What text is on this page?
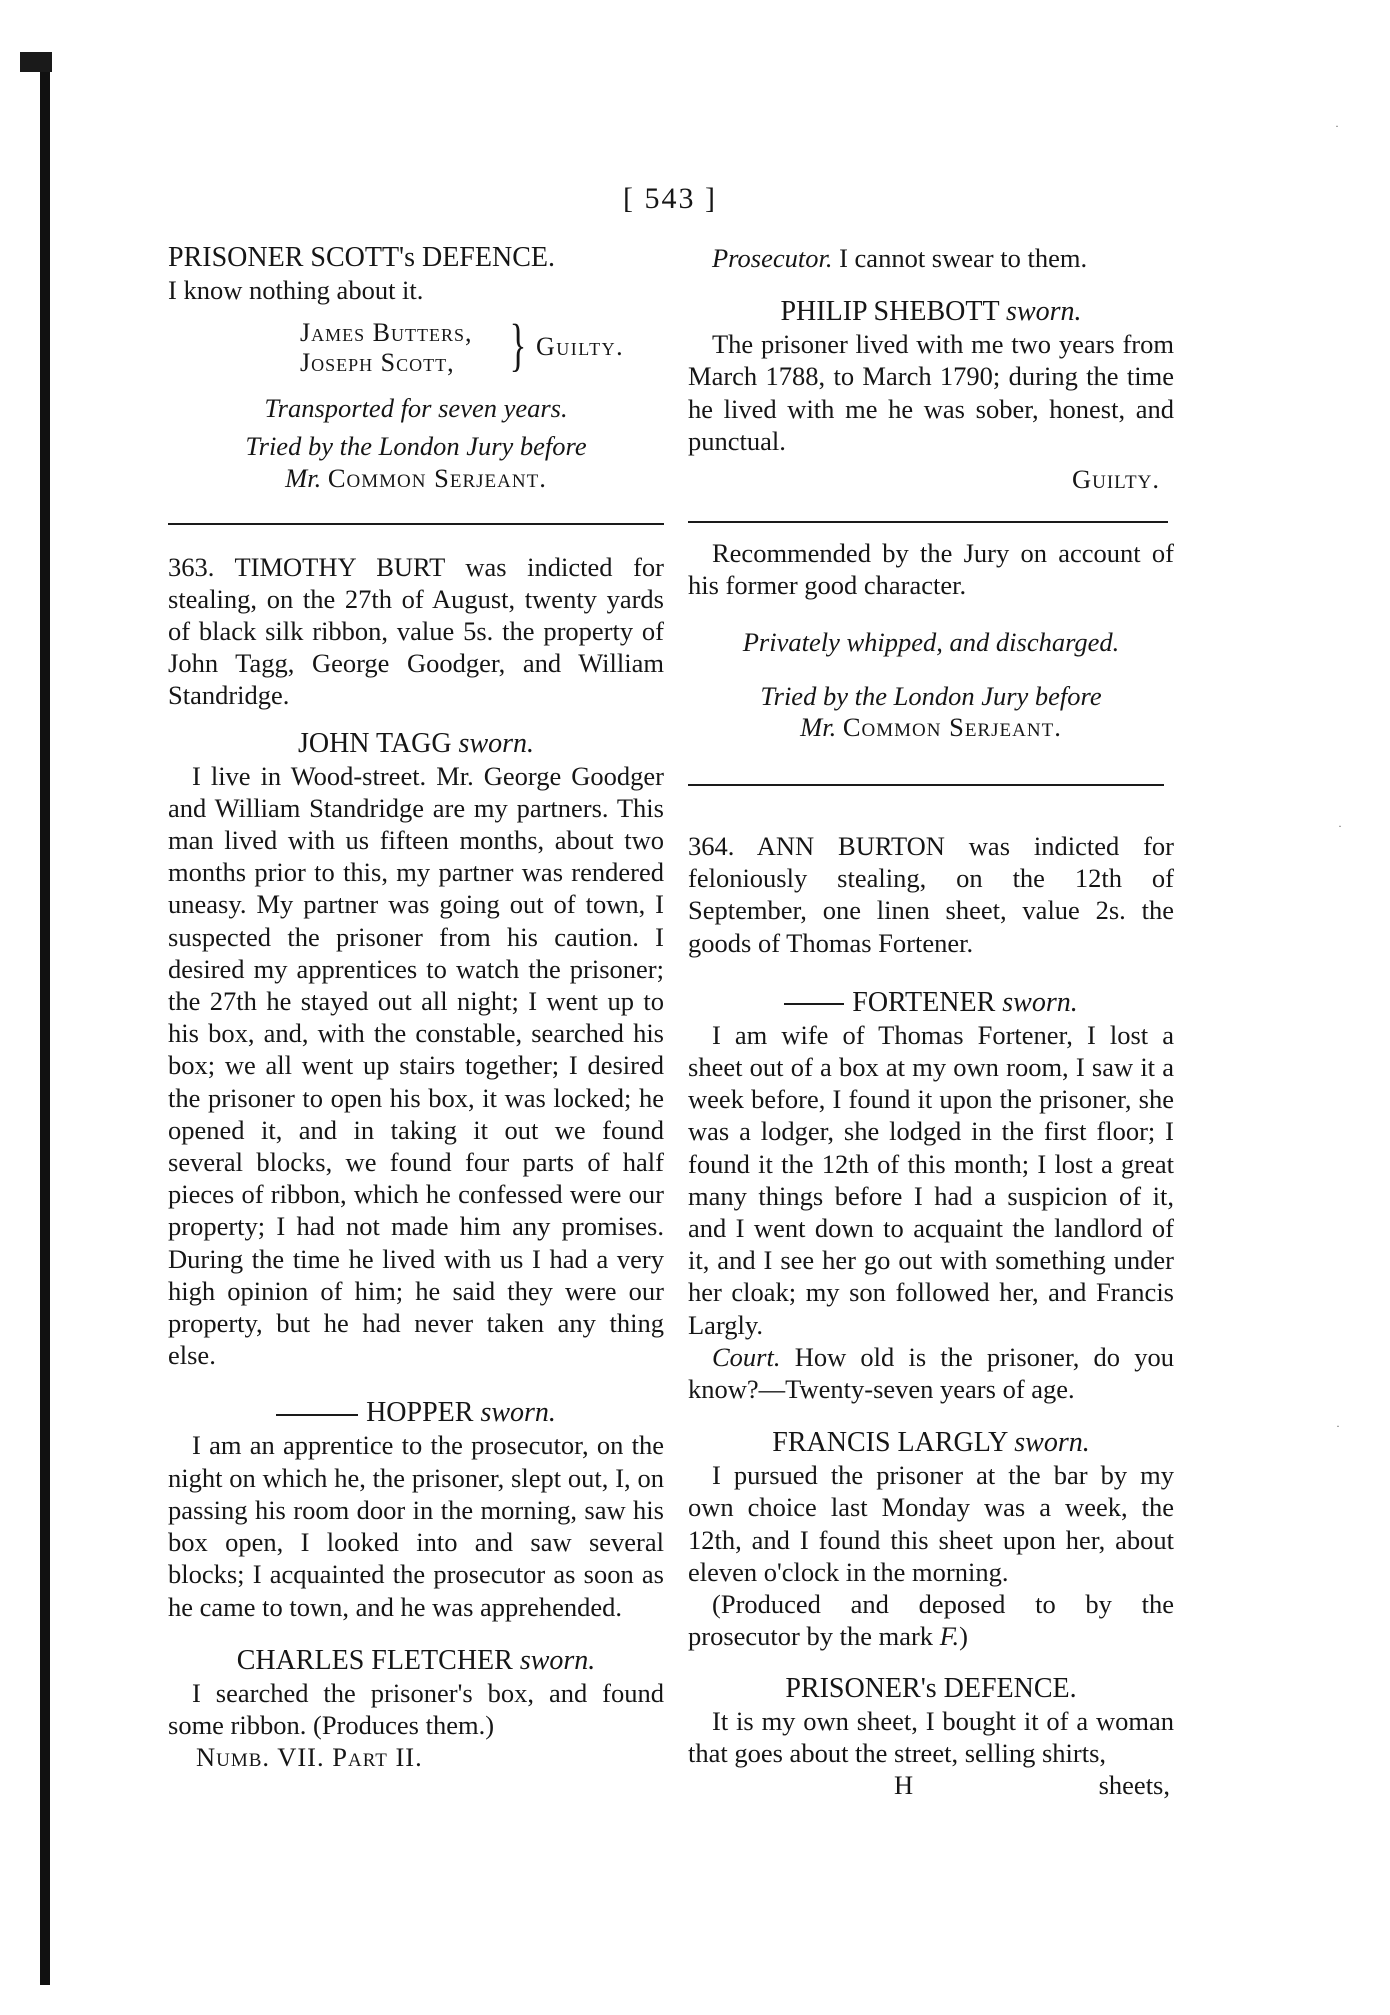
·
·
·
[ 543 ]

PRISONER SCOTT's DEFENCE.

I know nothing about it.

James Butters,
Joseph Scott, } Guilty.

Transported for seven years.

Tried by the London Jury before

Mr. Common Serjeant.

363. TIMOTHY BURT was indicted for stealing, on the 27th of August, twenty yards of black silk ribbon, value 5s. the property of John Tagg, George Goodger, and William Standridge.

JOHN TAGG sworn.

I live in Wood-street. Mr. George Goodger and William Standridge are my partners. This man lived with us fifteen months, about two months prior to this, my partner was rendered uneasy. My partner was going out of town, I suspected the prisoner from his caution. I desired my apprentices to watch the prisoner; the 27th he stayed out all night; I went up to his box, and, with the constable, searched his box; we all went up stairs together; I desired the prisoner to open his box, it was locked; he opened it, and in taking it out we found several blocks, we found four parts of half pieces of ribbon, which he confessed were our property; I had not made him any promises. During the time he lived with us I had a very high opinion of him; he said they were our property, but he had never taken any thing else.

HOPPER sworn.

I am an apprentice to the prosecutor, on the night on which he, the prisoner, slept out, I, on passing his room door in the morning, saw his box open, I looked into and saw several blocks; I acquainted the prosecutor as soon as he came to town, and he was apprehended.

CHARLES FLETCHER sworn.

I searched the prisoner's box, and found some ribbon. (Produces them.)

Numb. VII. Part II.

Prosecutor. I cannot swear to them.

PHILIP SHEBOTT sworn.

The prisoner lived with me two years from March 1788, to March 1790; during the time he lived with me he was sober, honest, and punctual.

Guilty.

Recommended by the Jury on account of his former good character.

Privately whipped, and discharged.

Tried by the London Jury before

Mr. Common Serjeant.

364. ANN BURTON was indicted for feloniously stealing, on the 12th of September, one linen sheet, value 2s. the goods of Thomas Fortener.

FORTENER sworn.

I am wife of Thomas Fortener, I lost a sheet out of a box at my own room, I saw it a week before, I found it upon the prisoner, she was a lodger, she lodged in the first floor; I found it the 12th of this month; I lost a great many things before I had a suspicion of it, and I went down to acquaint the landlord of it, and I see her go out with something under her cloak; my son followed her, and Francis Largly.

Court. How old is the prisoner, do you know?—Twenty-seven years of age.

FRANCIS LARGLY sworn.

I pursued the prisoner at the bar by my own choice last Monday was a week, the 12th, and I found this sheet upon her, about eleven o'clock in the morning.

(Produced and deposed to by the prosecutor by the mark F.)

PRISONER's DEFENCE.

It is my own sheet, I bought it of a woman that goes about the street, selling shirts,

H	sheets,
